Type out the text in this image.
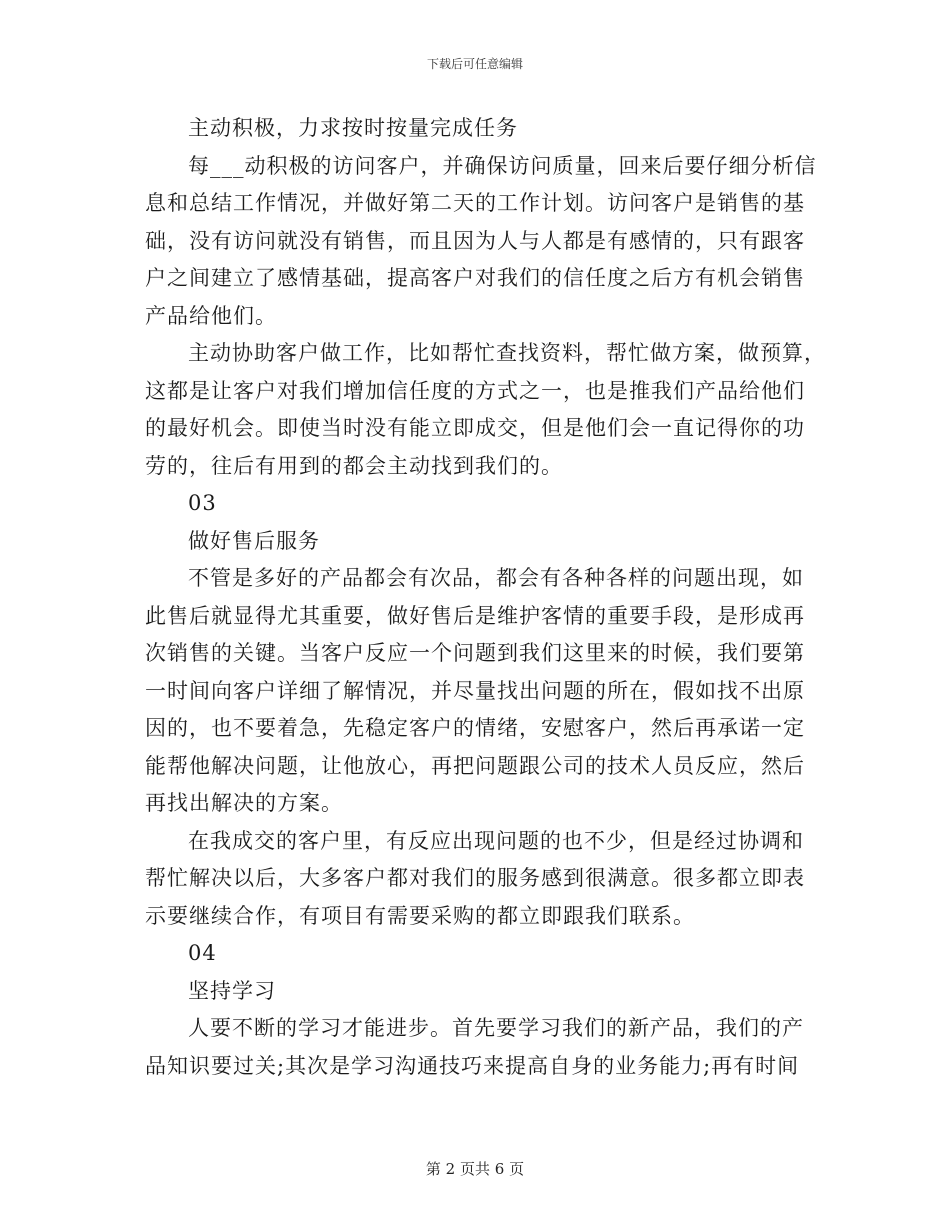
下载后可任意编辑
主动积极，力求按时按量完成任务
每___动积极的访问客户，并确保访问质量，回来后要仔细分析信
息和总结工作情况，并做好第二天的工作计划。访问客户是销售的基
础，没有访问就没有销售，而且因为人与人都是有感情的，只有跟客
户之间建立了感情基础，提高客户对我们的信任度之后方有机会销售
产品给他们。
主动协助客户做工作，比如帮忙查找资料，帮忙做方案，做预算，
这都是让客户对我们增加信任度的方式之一，也是推我们产品给他们
的最好机会。即使当时没有能立即成交，但是他们会一直记得你的功
劳的，往后有用到的都会主动找到我们的。
03
做好售后服务
不管是多好的产品都会有次品，都会有各种各样的问题出现，如
此售后就显得尤其重要，做好售后是维护客情的重要手段，是形成再
次销售的关键。当客户反应一个问题到我们这里来的时候，我们要第
一时间向客户详细了解情况，并尽量找出问题的所在，假如找不出原
因的，也不要着急，先稳定客户的情绪，安慰客户，然后再承诺一定
能帮他解决问题，让他放心，再把问题跟公司的技术人员反应，然后
再找出解决的方案。
在我成交的客户里，有反应出现问题的也不少，但是经过协调和
帮忙解决以后，大多客户都对我们的服务感到很满意。很多都立即表
示要继续合作，有项目有需要采购的都立即跟我们联系。
04
坚持学习
人要不断的学习才能进步。首先要学习我们的新产品，我们的产
品知识要过关;其次是学习沟通技巧来提高自身的业务能力;再有时间
第 2 页共 6 页
